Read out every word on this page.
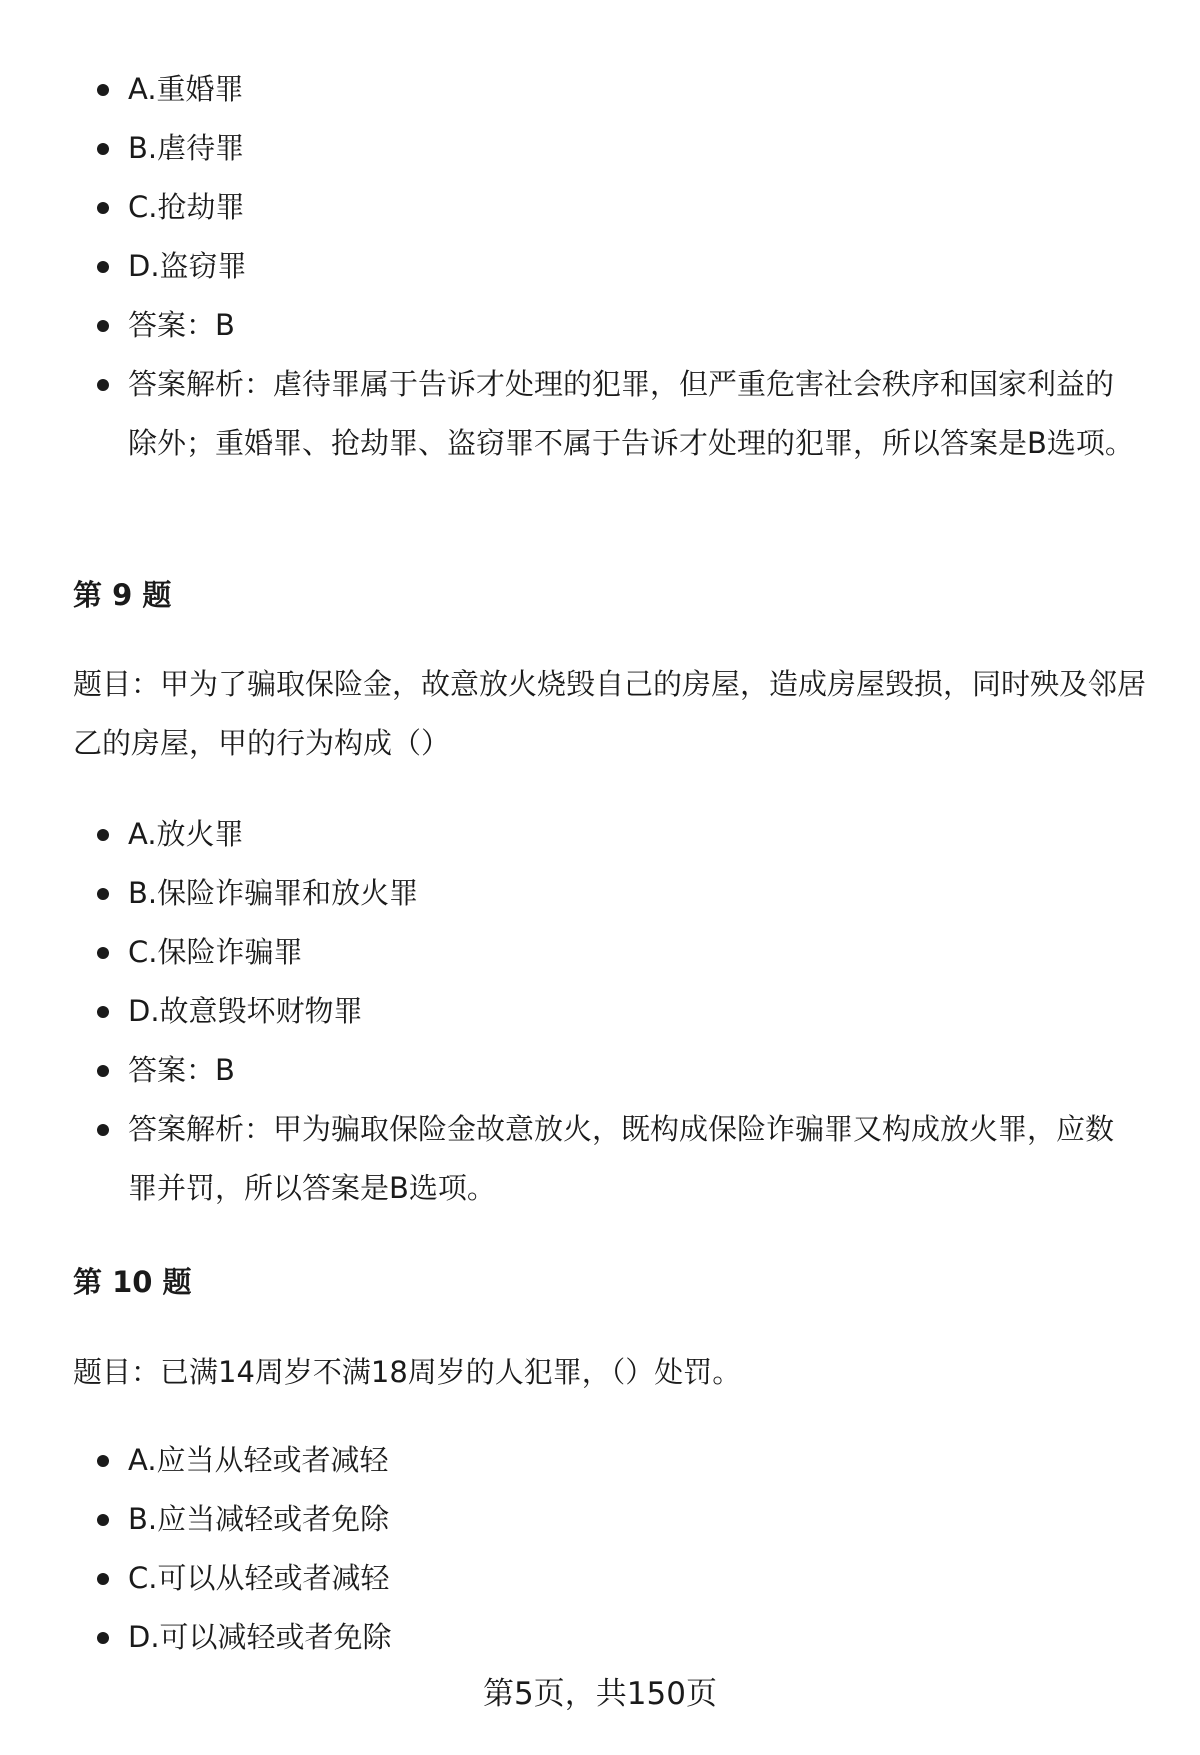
A.重婚罪
B.虐待罪
C.抢劫罪
D.盗窃罪
答案：B
答案解析：虐待罪属于告诉才处理的犯罪，但严重危害社会秩序和国家利益的除外；重婚罪、抢劫罪、盗窃罪不属于告诉才处理的犯罪，所以答案是B选项。
第 9 题

题目：甲为了骗取保险金，故意放火烧毁自己的房屋，造成房屋毁损，同时殃及邻居乙的房屋，甲的行为构成（）

A.放火罪
B.保险诈骗罪和放火罪
C.保险诈骗罪
D.故意毁坏财物罪
答案：B
答案解析：甲为骗取保险金故意放火，既构成保险诈骗罪又构成放火罪，应数罪并罚，所以答案是B选项。
第 10 题

题目：已满14周岁不满18周岁的人犯罪，（）处罚。

A.应当从轻或者减轻
B.应当减轻或者免除
C.可以从轻或者减轻
D.可以减轻或者免除
第5页，共150页
